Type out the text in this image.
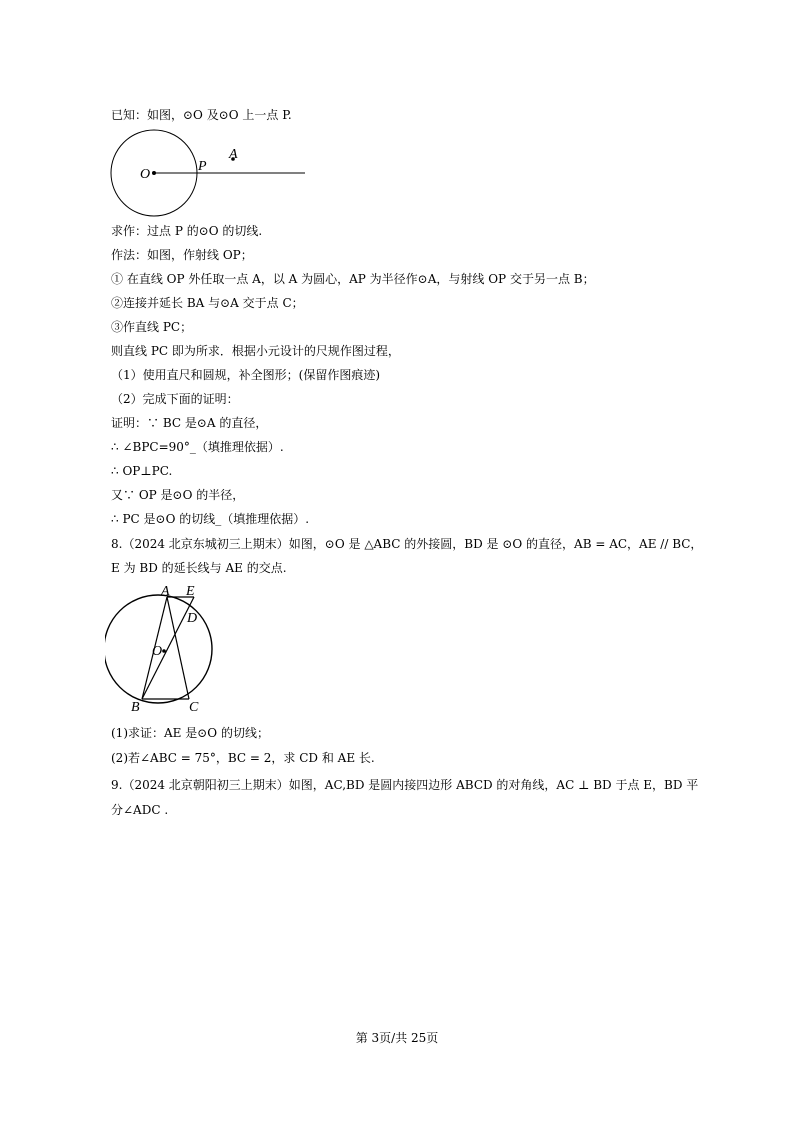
已知：如图，⊙O 及⊙O 上一点 P.
O
P
A
求作：过点 P 的⊙O 的切线.
作法：如图，作射线 OP；
① 在直线 OP 外任取一点 A，以 A 为圆心，AP 为半径作⊙A，与射线 OP 交于另一点 B；
②连接并延长 BA 与⊙A 交于点 C；
③作直线 PC；
则直线 PC 即为所求．根据小元设计的尺规作图过程，
（1）使用直尺和圆规，补全图形；(保留作图痕迹)
（2）完成下面的证明：
证明：∵ BC 是⊙A 的直径，
∴ ∠BPC=90°_（填推理依据）.
∴ OP⊥PC.
又∵ OP 是⊙O 的半径，
∴ PC 是⊙O 的切线_（填推理依据）.
8.（2024 北京东城初三上期末）如图，⊙O 是 △ABC 的外接圆，BD 是 ⊙O 的直径，AB = AC，AE // BC，
E 为 BD 的延长线与 AE 的交点.
A E
D
O
B	C
(1)求证：AE 是⊙O 的切线；
(2)若∠ABC = 75°，BC = 2，求 CD 和 AE 长.
9.（2024 北京朝阳初三上期末）如图，AC,BD 是圆内接四边形 ABCD 的对角线，AC ⊥ BD 于点 E，BD 平
分∠ADC .
第 3页/共 25页
